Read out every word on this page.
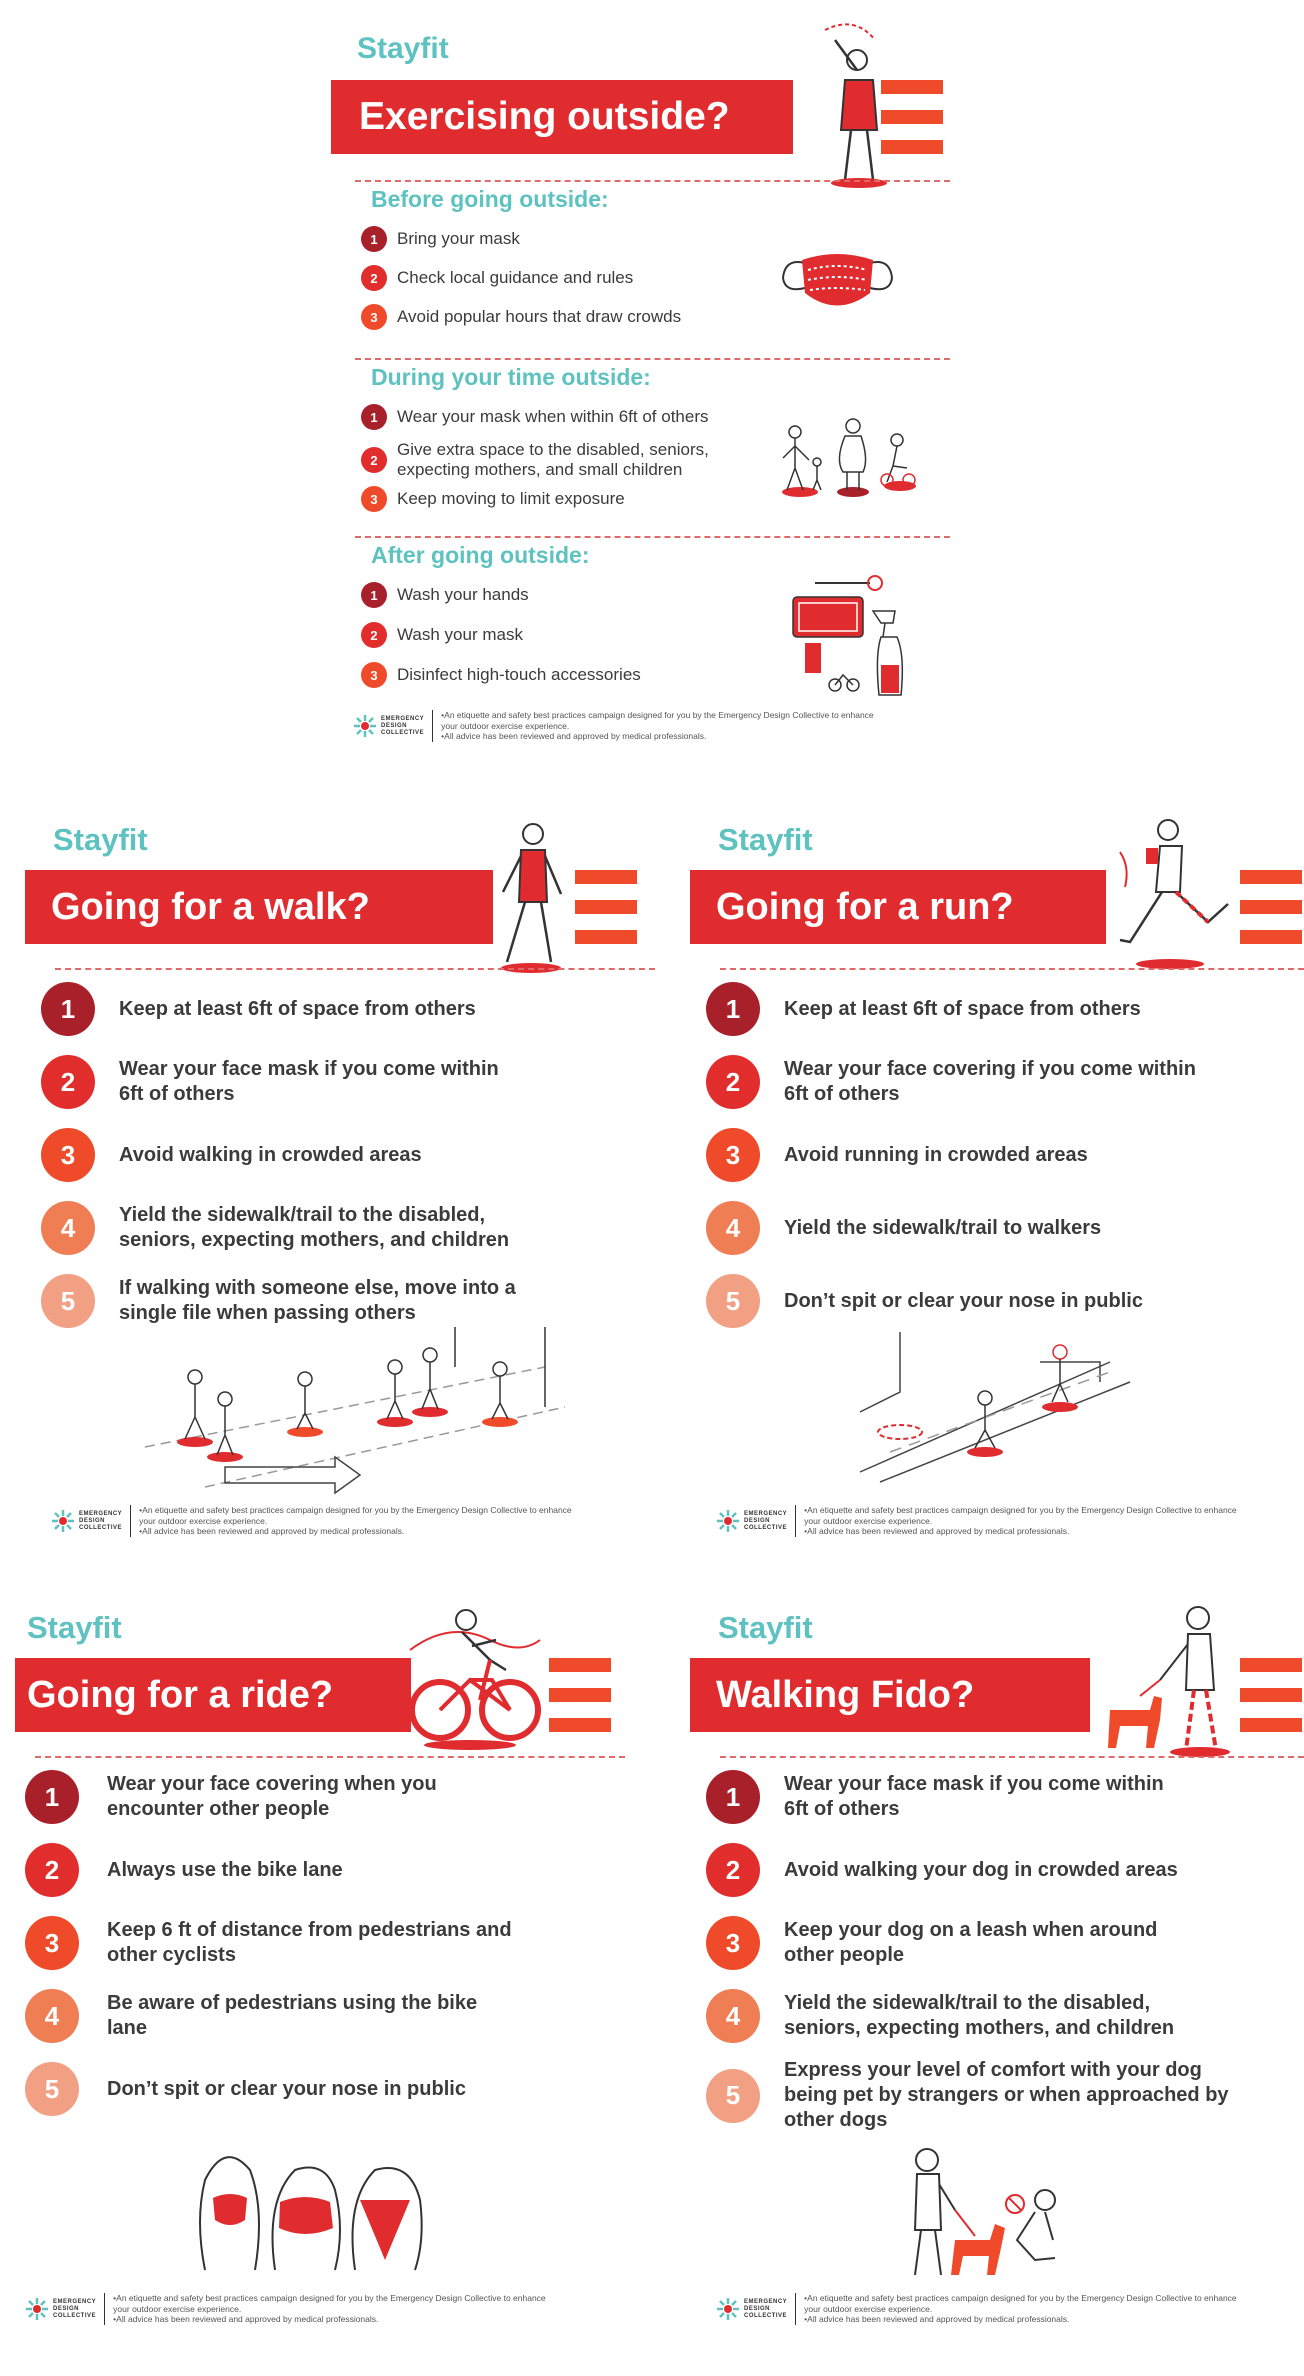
Stayfit
Exercising outside?
Before going outside:
1	Bring your mask
2	Check local guidance and rules
3	Avoid popular hours that draw crowds
During your time outside:
1	Wear your mask when within 6ft of others
2
Give extra space to the disabled, seniors, expecting mothers, and small children
3	Keep moving to limit exposure
After going outside:
1	Wash your hands
2	Wash your mask
3	Disinfect high-touch accessories
EMERGENCY
DESIGN
COLLECTIVE
•An etiquette and safety best practices campaign designed for you by the Emergency Design Collective to enhance your outdoor exercise experience.
•All advice has been reviewed and approved by medical professionals.
Stayfit
Going for a walk?
1	Keep at least 6ft of space from others
2	Wear your face mask if you come within 6ft of others
3	Avoid walking in crowded areas
4	Yield the sidewalk/trail to the disabled, seniors, expecting mothers, and children
5	If walking with someone else, move into a single file when passing others
EMERGENCY
DESIGN
COLLECTIVE
•An etiquette and safety best practices campaign designed for you by the Emergency Design Collective to enhance your outdoor exercise experience.
•All advice has been reviewed and approved by medical professionals.
Stayfit
Going for a run?
1	Keep at least 6ft of space from others
2	Wear your face covering if you come within 6ft of others
3	Avoid running in crowded areas
4	Yield the sidewalk/trail to walkers
5	Don’t spit or clear your nose in public
EMERGENCY
DESIGN
COLLECTIVE
•An etiquette and safety best practices campaign designed for you by the Emergency Design Collective to enhance your outdoor exercise experience.
•All advice has been reviewed and approved by medical professionals.
Stayfit
Going for a ride?
1	Wear your face covering when you encounter other people
2	Always use the bike lane
3	Keep 6 ft of distance from pedestrians and other cyclists
4	Be aware of pedestrians using the bike lane
5	Don’t spit or clear your nose in public
EMERGENCY
DESIGN
COLLECTIVE
•An etiquette and safety best practices campaign designed for you by the Emergency Design Collective to enhance your outdoor exercise experience.
•All advice has been reviewed and approved by medical professionals.
Stayfit
Walking Fido?
1	Wear your face mask if you come within 6ft of others
2	Avoid walking your dog in crowded areas
3	Keep your dog on a leash when around other people
4	Yield the sidewalk/trail to the disabled, seniors, expecting mothers, and children
5
Express your level of comfort with your dog being pet by strangers or when approached by other dogs
EMERGENCY
DESIGN
COLLECTIVE
•An etiquette and safety best practices campaign designed for you by the Emergency Design Collective to enhance your outdoor exercise experience.
•All advice has been reviewed and approved by medical professionals.
